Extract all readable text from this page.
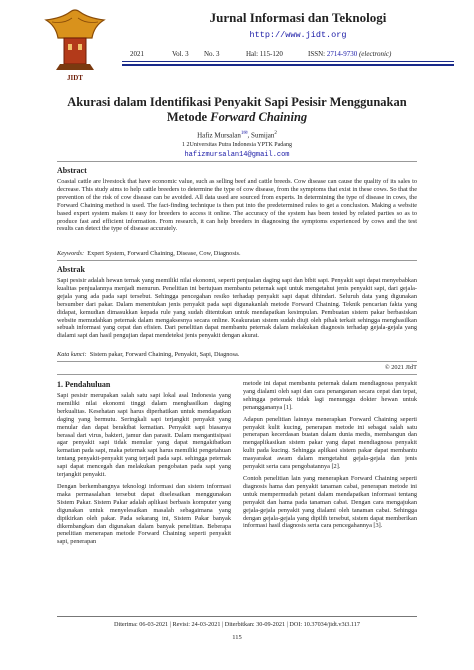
JIDT
Jurnal Informasi dan Teknologi
http://www.jidt.org
2021	Vol. 3 No. 3	Hal: 115-120	ISSN: 2714-9730 (electronic)
Akurasi dalam Identifikasi Penyakit Sapi Pesisir Menggunakan
Metode Forward Chaining
Hafiz Mursalan$^{1✉}$, Sumijan$^2$
1 2Universitas Putra Indonesia YPTK Padang
hafizmursalan14@gmail.com
Abstract
Coastal cattle are livestock that have economic value, such as selling beef and cattle breeds. Cow disease can cause the quality of its sales to decrease. This study aims to help cattle breeders to determine the type of cow disease, from the symptoms that exist in these cows. So that the prevention of the risk of cow disease can be avoided. All data used are sourced from experts. In determining the type of disease in cows, the Forward Chaining method is used. The fact-finding technique is then put into the predetermined rules to get a conclusion. Making a website based expert system makes it easy for breeders to access it online. The accuracy of the system has been tested by related parties so as to produce fast and efficient information. From research, it can help breeders in diagnosing the symptoms experienced by cows and the test results can detect the type of disease accurately.
Keywords: Expert System, Forward Chaining, Disease, Cow, Diagnosis.
Abstrak
Sapi pesisir adalah hewan ternak yang memiliki nilai ekonomi, seperti penjualan daging sapi dan bibit sapi. Penyakit sapi dapat menyebabkan kualitas penjualannya menjadi menurun. Penelitian ini bertujuan membantu peternak sapi untuk mengetahui jenis penyakit sapi, dari gejala-gejala yang ada pada sapi tersebut. Sehingga pencegahan resiko terhadap penyakit sapi dapat dihindari. Seluruh data yang digunakan bersumber dari pakar. Dalam menentukan jenis penyakit pada sapi digunakanlah metode Forward Chaining. Teknik pencarian fakta yang didapat, kemudian dimasukkan kepada rule yang sudah ditentukan untuk mendapatkan kesimpulan. Pembuatan sistem pakar berbasiskan website memudahkan peternak dalam mengaksesnya secara online. Keakuratan sistem sudah diuji oleh pihak terkait sehingga menghasilkan sebuah informasi yang cepat dan efisien. Dari penelitian dapat membantu peternak dalam melakukan diagnosis terhadap gejala-gejala yang dialami sapi dan hasil pengujian dapat mendeteksi jenis penyakit dengan akurat.
Kata kunci: Sistem pakar, Forward Chaining, Penyakit, Sapi, Diagnosa.
© 2021 JIdT
1. Pendahuluan

Sapi pesisir merupakan salah satu sapi lokal asal Indonesia yang memiliki nilai ekonomi tinggi dalam menghasilkan daging berkualitas. Kesehatan sapi harus diperhatikan untuk mendapatkan daging yang bermutu. Seringkali sapi terjangkit penyakit yang menular dan dapat berakibat kematian. Penyakit sapi biasanya berasal dari virus, bakteri, jamur dan parasit. Dalam mengantisipasi agar penyakit sapi tidak menular yang dapat mengakibatkan kematian pada sapi, maka peternak sapi harus memiliki pengetahuan tentang penyakit-penyakit yang terjadi pada sapi. sehingga peternak sapi dapat mencegah dan melakukan pengobatan pada sapi yang terjangkit penyakit.

Dengan berkembangnya teknologi informasi dan sistem informasi maka permasalahan tersebut dapat diselesaikan menggunakan Sistem Pakar. Sistem Pakar adalah aplikasi berbasis komputer yang digunakan untuk menyelesaikan masalah sebagaimana yang dipikirkan oleh pakar. Pada sekarang ini, Sistem Pakar banyak dikembangkan dan digunakan dalam banyak penelitian. Beberapa penelitian menerapan metode Forward Chaining seperti penyakit sapi, penerapan

metode ini dapat membantu peternak dalam mendiagnosa penyakit yang dialami oleh sapi dan cara penanganan secara cepat dan tepat, sehingga peternak tidak lagi menunggu dokter hewan untuk penanggananya [1].

Adapun penelitian lainnya menerapkan Forward Chaining seperti penyakit kulit kucing, penerapan metode ini sebagai salah satu penerapan kecerdasan buatan dalam dunia medis, membangun dan mengaplikasikan sistem pakar yang dapat mendiagnosa penyakit kulit pada kucing. Sehingga aplikasi sistem pakar dapat membantu masyarakat awam dalam mengetahui gejala-gejala dan jenis penyakit serta cara pengobatannya [2].

Contoh penelitian lain yang menerapkan Forward Chaining seperti diagnosis hama dan penyakit tanaman cabai, penerapan metode ini untuk mempermudah petani dalam mendapatkan informasi tentang penyakit dan hama pada tanaman cabai. Dengan cara mengajukan gejala-gejala penyakit yang dialami oleh tanaman cabai. Sehingga dengan gejala-gejala yang dipilih tersebut, sistem dapat memberikan informasi hasil diagnosis serta cara pencegahannya [3].

Diterima: 06-03-2021 | Revisi: 24-03-2021 | Diterbitkan: 30-09-2021 | DOI: 10.37034/jidt.v3i3.117
115
